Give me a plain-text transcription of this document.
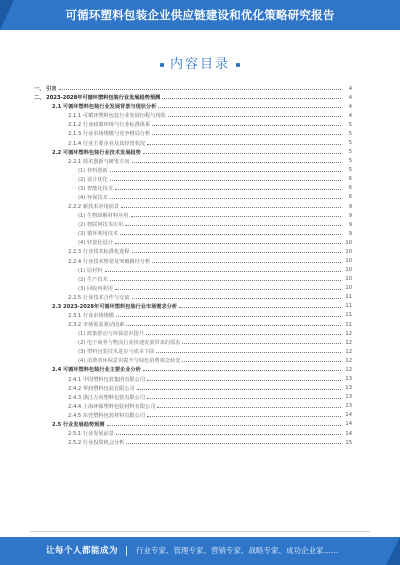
可循环塑料包装企业供应链建设和优化策略研究报告
内容目录
一、 引言	4
二、 2023-2028年可循环塑料包装行业发展趋势预测	4
2.1 可循环塑料包装行业发展背景与现状分析	4
2.1.1 可循环塑料包装行业发展历程与现状	4
2.1.2 行业政策环境与行业标准体系	5
2.1.3 行业市场规模与竞争格局分析	5
2.1.4 行业主要企业及其经营状况	5
2.2 可循环塑料包装行业技术发展趋势	5
2.2.1 技术创新与研发方向	5
(1) 材料创新	5
(2) 设计优化	6
(3) 智能化技术	6
(4) 环保技术	6
2.2.2 新技术应用前景	9
(1) 生物降解材料应用	9
(2) 物联网技术应用	9
(3) 循环利用技术	9
(4) 轻量化设计	10
2.2.3 行业技术标准化进程	10
2.2.4 行业技术壁垒及突破路径分析	10
(1) 原材料	10
(2) 生产技术	10
(3) 回收再利用	10
2.2.5 行业技术合作与交流	11
2.3 2023-2028年可循环塑料包装行业市场需求分析	11
2.3.1 行业市场规模	11
2.3.2 市场需求驱动因素	11
(1) 政策推动与环保意识提升	12
(2) 电子商务与物流行业快速发展带来的需求	12
(3) 塑料包装技术进步与成本下降	12
(4) 消费者环保意识提升与绿色消费观念转变	12
2.4 可循环塑料包装行业主要企业分析	12
2.4.1 中国塑料包装集团有限公司	13
2.4.2 华润塑料包装有限公司	13
2.4.3 浙江万向塑料包装有限公司	13
2.4.4 上海环保塑料包装材料有限公司	13
2.4.5 东莞塑料包装材料有限公司	14
2.5 行业发展趋势预测	14
2.5.1 行业发展前景	14
2.5.2 行业投资机会分析	15
让每个人都能成为 行业专家、管理专家、营销专家、战略专家、成功企业家……
